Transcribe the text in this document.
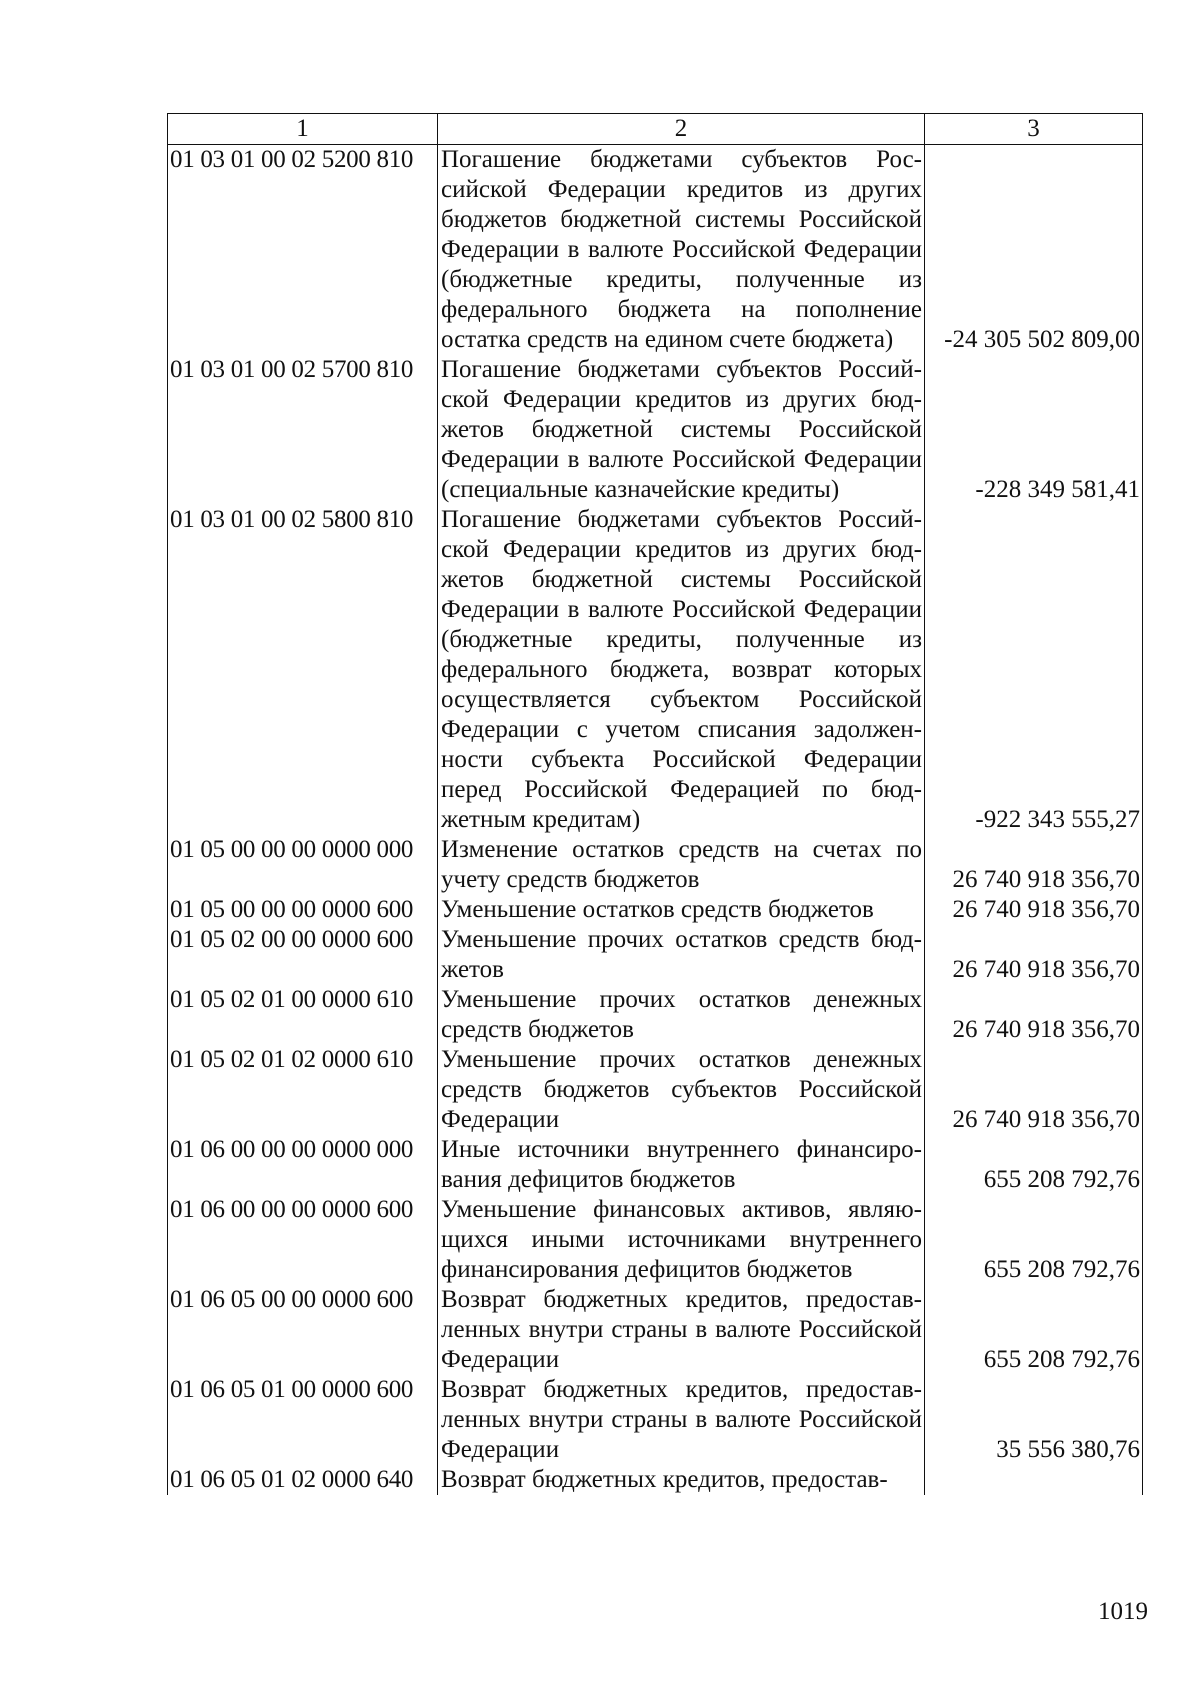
1	2	3
01 03 01 00 02 5200 810	Погашение бюджетами субъектов Российской Федерации кредитов из других бюджетов бюджетной системы Российской Федерации в валюте Российской Федерации (бюджетные кредиты, полученные из федерального бюджета на пополнение остатка средств на едином счете бюджета)	-24 305 502 809,00
01 03 01 00 02 5700 810	Погашение бюджетами субъектов Российской Федерации кредитов из других бюджетов бюджетной системы Российской Федерации в валюте Российской Федерации (специальные казначейские кредиты)	-228 349 581,41
01 03 01 00 02 5800 810	Погашение бюджетами субъектов Российской Федерации кредитов из других бюджетов бюджетной системы Российской Федерации в валюте Российской Федерации (бюджетные кредиты, полученные из федерального бюджета, возврат которых осуществляется субъектом Российской Федерации с учетом списания задолженности субъекта Российской Федерации перед Российской Федерацией по бюджетным кредитам)	-922 343 555,27
01 05 00 00 00 0000 000	Изменение остатков средств на счетах по учету средств бюджетов	26 740 918 356,70
01 05 00 00 00 0000 600	Уменьшение остатков средств бюджетов	26 740 918 356,70
01 05 02 00 00 0000 600	Уменьшение прочих остатков средств бюджетов	26 740 918 356,70
01 05 02 01 00 0000 610	Уменьшение прочих остатков денежных средств бюджетов	26 740 918 356,70
01 05 02 01 02 0000 610	Уменьшение прочих остатков денежных средств бюджетов субъектов Российской Федерации	26 740 918 356,70
01 06 00 00 00 0000 000	Иные источники внутреннего финансирования дефицитов бюджетов	655 208 792,76
01 06 00 00 00 0000 600	Уменьшение финансовых активов, являющихся иными источниками внутреннего финансирования дефицитов бюджетов	655 208 792,76
01 06 05 00 00 0000 600	Возврат бюджетных кредитов, предоставленных внутри страны в валюте Российской Федерации	655 208 792,76
01 06 05 01 00 0000 600	Возврат бюджетных кредитов, предоставленных внутри страны в валюте Российской Федерации	35 556 380,76
01 06 05 01 02 0000 640	Возврат бюджетных кредитов, предостав-	
1019
